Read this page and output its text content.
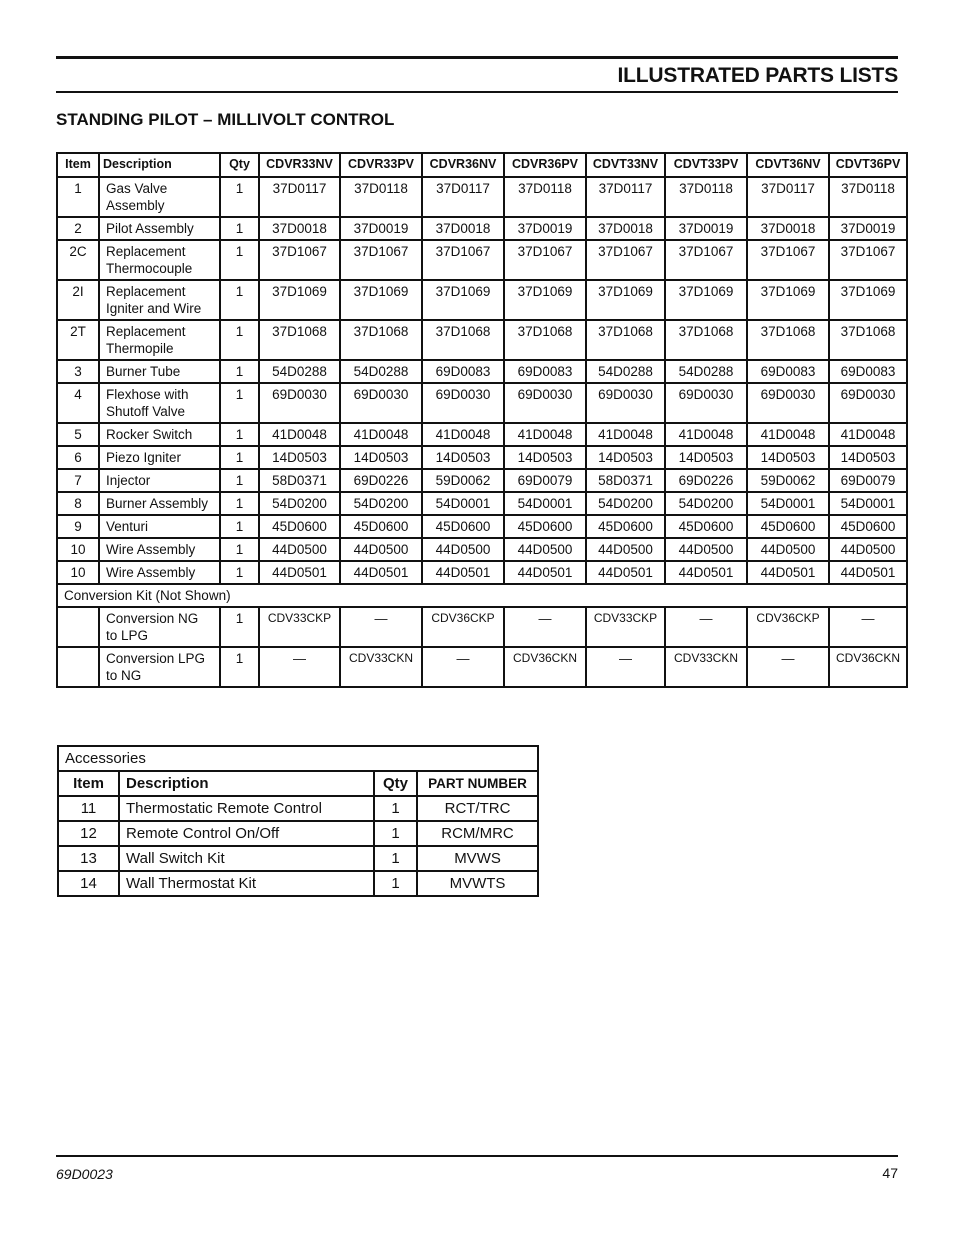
ILLUSTRATED PARTS LISTS
STANDING PILOT – MILLIVOLT CONTROL
Item	Description	Qty	CDVR33NV	CDVR33PV	CDVR36NV	CDVR36PV	CDVT33NV	CDVT33PV	CDVT36NV	CDVT36PV
1	Gas Valve Assembly	1	37D0117	37D0118	37D0117	37D0118	37D0117	37D0118	37D0117	37D0118
2	Pilot Assembly	1	37D0018	37D0019	37D0018	37D0019	37D0018	37D0019	37D0018	37D0019
2C	Replacement Thermocouple	1	37D1067	37D1067	37D1067	37D1067	37D1067	37D1067	37D1067	37D1067
2I	Replacement Igniter and Wire	1	37D1069	37D1069	37D1069	37D1069	37D1069	37D1069	37D1069	37D1069
2T	Replacement Thermopile	1	37D1068	37D1068	37D1068	37D1068	37D1068	37D1068	37D1068	37D1068
3	Burner Tube	1	54D0288	54D0288	69D0083	69D0083	54D0288	54D0288	69D0083	69D0083
4	Flexhose with Shutoff Valve	1	69D0030	69D0030	69D0030	69D0030	69D0030	69D0030	69D0030	69D0030
5	Rocker Switch	1	41D0048	41D0048	41D0048	41D0048	41D0048	41D0048	41D0048	41D0048
6	Piezo Igniter	1	14D0503	14D0503	14D0503	14D0503	14D0503	14D0503	14D0503	14D0503
7	Injector	1	58D0371	69D0226	59D0062	69D0079	58D0371	69D0226	59D0062	69D0079
8	Burner Assembly	1	54D0200	54D0200	54D0001	54D0001	54D0200	54D0200	54D0001	54D0001
9	Venturi	1	45D0600	45D0600	45D0600	45D0600	45D0600	45D0600	45D0600	45D0600
10	Wire Assembly	1	44D0500	44D0500	44D0500	44D0500	44D0500	44D0500	44D0500	44D0500
10	Wire Assembly	1	44D0501	44D0501	44D0501	44D0501	44D0501	44D0501	44D0501	44D0501
Conversion Kit (Not Shown)										
	Conversion NG to LPG	1	CDV33CKP	—	CDV36CKP	—	CDV33CKP	—	CDV36CKP	—
	Conversion LPG to NG	1	—	CDV33CKN	—	CDV36CKN	—	CDV33CKN	—	CDV36CKN
Accessories			
Item	Description	Qty	PART NUMBER
11	Thermostatic Remote Control	1	RCT/TRC
12	Remote Control On/Off	1	RCM/MRC
13	Wall Switch Kit	1	MVWS
14	Wall Thermostat Kit	1	MVWTS
69D0023	47
